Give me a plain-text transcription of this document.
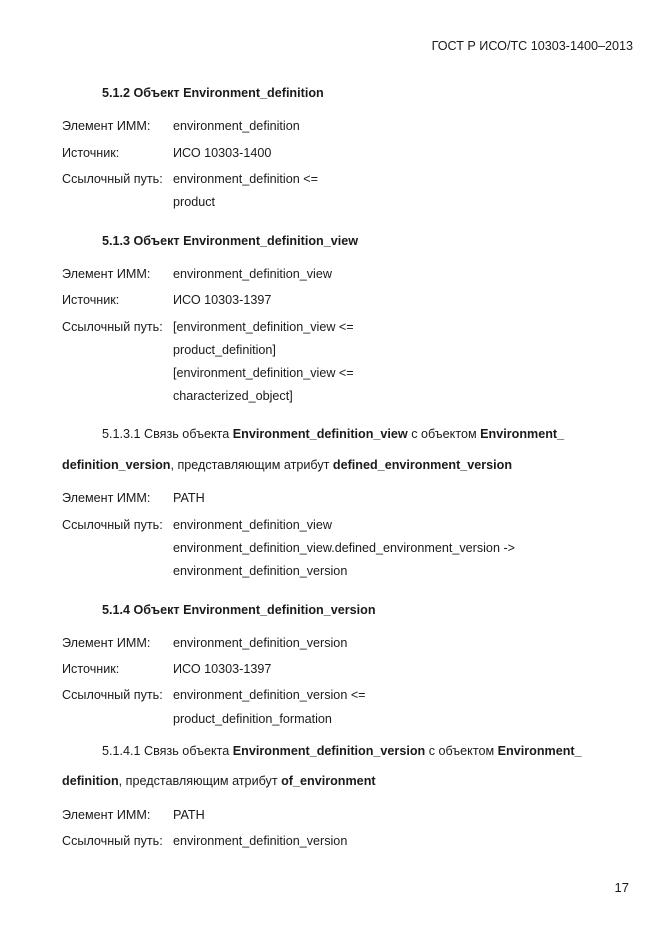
ГОСТ Р ИСО/ТС 10303-1400–2013
5.1.2 Объект Environment_definition
Элемент ИММ: environment_definition
Источник:	ИСО 10303-1400
Ссылочный путь: environment_definition <=
product
5.1.3 Объект Environment_definition_view
Элемент ИММ: environment_definition_view
Источник:	ИСО 10303-1397
Ссылочный путь: [environment_definition_view <=
product_definition]
[environment_definition_view <=
characterized_object]
5.1.3.1 Связь объекта Environment_definition_view с объектом Environment_
definition_version, представляющим атрибут defined_environment_version
Элемент ИММ: PATH
Ссылочный путь: environment_definition_view
environment_definition_view.defined_environment_version ->
environment_definition_version
5.1.4 Объект Environment_definition_version
Элемент ИММ: environment_definition_version
Источник:	ИСО 10303-1397
Ссылочный путь: environment_definition_version <=
product_definition_formation
5.1.4.1 Связь объекта Environment_definition_version с объектом Environment_
definition, представляющим атрибут of_environment
Элемент ИММ: PATH
Ссылочный путь: environment_definition_version
17
